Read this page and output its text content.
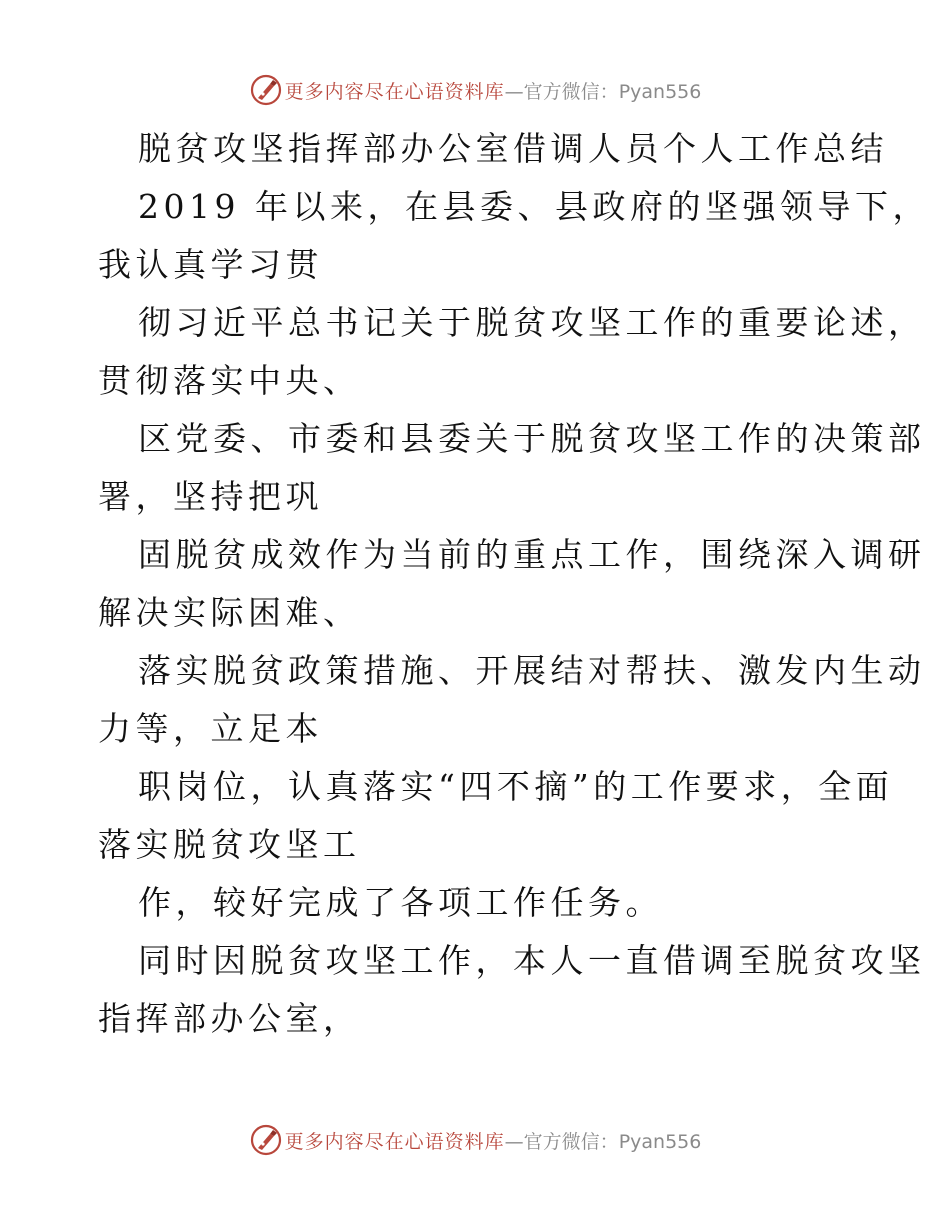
更多内容尽在心语资料库—官方微信：Pyan556
脱贫攻坚指挥部办公室借调人员个人工作总结
2019 年以来，在县委、县政府的坚强领导下，
我认真学习贯
彻习近平总书记关于脱贫攻坚工作的重要论述，
贯彻落实中央、
区党委、市委和县委关于脱贫攻坚工作的决策部
署，坚持把巩
固脱贫成效作为当前的重点工作，围绕深入调研
解决实际困难、
落实脱贫政策措施、开展结对帮扶、激发内生动
力等，立足本
职岗位，认真落实“四不摘”的工作要求，全面
落实脱贫攻坚工
作，较好完成了各项工作任务。
同时因脱贫攻坚工作，本人一直借调至脱贫攻坚
指挥部办公室，
更多内容尽在心语资料库—官方微信：Pyan556
